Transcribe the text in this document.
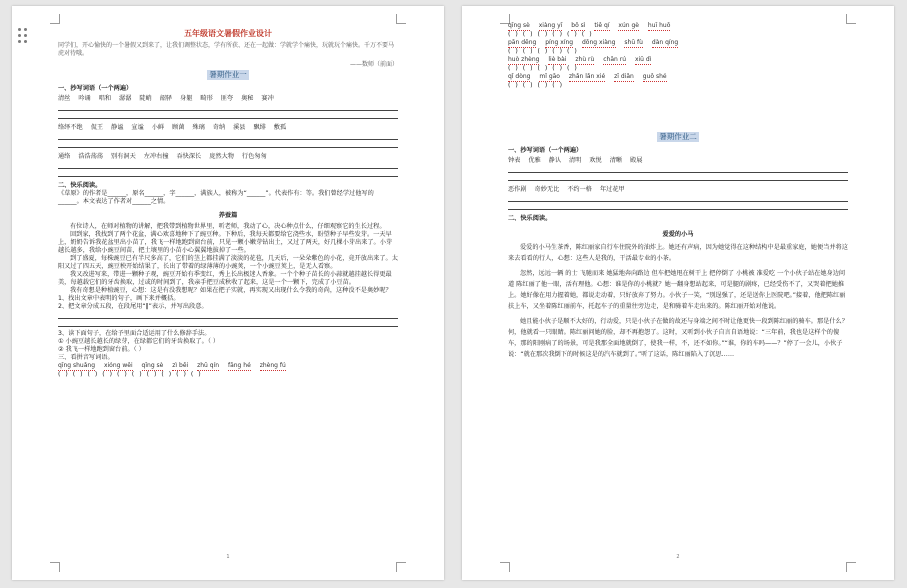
五年级语文暑假作业设计
同学们，开心愉快的一个暑假又到来了，让我们调整状态，学有所获、还在一起做：学就学个痛快，玩就玩个痛快。千万不要马虎对待哦。
——数师（前面）
暑期作业一
一、抄写词语（一个两遍）
清丝 吟诵 唱和 潺潺 陡峭 韶驿 身躯 畸形 匪夸 奥秘 赛冲
络绎不绝 侃王 静谧 宣谧 小鲜 顾菌 殊璃 奇纳 溪县 飘绯 敷孤
通络 浩浩荡荡 别有洞天 左冲右撞 吞快深长 庞然大物 行色匆匆
二、快乐阅读。
《草原》的作者是______，原名______，字______，满族人，被称为“______”。代表作有：等。我们曾经学过他写的______。本文表达了作者对______之情。
养蚕篇

有位诗人，在师对植物的讲解，把我带到植物世界里，听老师，我动了心，决心种点什么，仔细观察它的生长过程。

回到家，我找到了两个花盆，满心欢喜地种下了豌豆种。下种后，我每天都要给它浇些水，盼望种子早些发芽。一天早上，奶奶告诉我花盆里出小苗了，我飞一样地跑到窗台前，只见一颗小嫩芽钻出土，又过了两天，好几棵小芽出来了。小芽越长越多，我给小豌豆间苗，把土壤里的小苗小心翼翼地拔掉了一些。

到了盛夏，每株豌豆已有半尺多高了，它们的茎上都挂满了淡淡的花苞，几天后，一朵朵紫色的小花，竟开放出来了。太阳又过了四五天，豌豆秧开始结果了，长出了带着的绿薄薄的小豌荚，一个小豌豆荚上，是无人看察。

我又改进写来，带进一颗种子观，豌豆开始有季变红，秀上长出极迷人香象。一个个种子苗长的小蒜就越挂越长得更最美，每越载它们的牙齿换取，过或的时间到了，我亲手把豆成秋收了起来，这是一个一颗下，完成了小豆苗。

我有奇想是种植豌豆，心想：这是有没我想呢？如果在把子实就，再实现又出现什么令我的奇尚，这种没不是奥妙呢？

1、找出文章中表明的句子，画下来并概括。
2、把文章分成五段，在段尾用“‖”表示，并写出段意。
3、读下面句子，在给予里面合适运用了什么修辞手法。
① 小豌豆越长越长的绿芽，在绿都它们的牙齿换取了。（ ）
② 我飞一样地跑到窗台前。（ ）
三、看拼音写词语。
qīng shuǎng xióng wěi qīng sè zì bēi zhū qín fāng hé zhèng fú
( ) ( ) ( ) ( ) ( ) ( ) ( ) ( ) ( ) ( )
1
qīng sè xiàng yī bō sì tiě qí xún gè huī huō
( ) ( ) ( ) ( ) ( ) ( )
pān dēng píng xíng dōng xiàng shū fù dàn qíng
( ) ( ) ( ) ( ) ( )
huò zhèng liè bài zhù rù chān rú xiū dì
( ) ( ) ( ) ( ) ( )
qǐ dòng mǐ gāo zhǎn lǎn xié zī diǎn guǒ shé
( ) ( ) ( ) ( )
暑期作业二
一、抄写词语（一个两遍）
钟表 优雅 静认 清明 欢悦 清晰 殿展
恶作剧 奇妙无比 不约一格 年过花甲
二、快乐阅读。
爱爱的小马

爱爱的小马生茶香，陈红丽家自行车住院外的油炸上。她还有声病，因为她觉得在这种结构中是最重家庭，她便当并将这来去看看的行人，心想：这些人是我的，干活最专业的小茶。

忽然，远远一辆 的士 飞驰而来 她猛地奔向路边 但车把她甩在树干上 把停倒了 小桃被 准爱吃 一个小伙子站在她身边问道 陈红丽了他一眼，活有理他。心想：谁是你的小桃就？她一翻身想站起来，可是腿的剧疼，已经受伤不了，又哭着把她推上。她好像在用力握着她，都说走动着，只好放弃了努力。小伙子一笑，“别逞强了，还是送你上医院吧。”接着，他把陈红丽扶上车，又坐着陈红丽前车，托起车子的重量往旁边走，是和骑着车走出来的。陈红丽开始对他说。

她且能小伙子是顺不大好的，行动爱，只是小伙子在做的故还与身端之间不时让他更快一段到陈红丽的骑车。那是什么？何，他就看一只眼睛。陈红丽问她的脸，却不再抱怨了。这时，又听到小伙子自言自语地说：“三年前，我也是这样个的傻车，那的阳刚病了的场景，可是我那全面地就倒了，使我一样，不，还不如你。”“谁，你的车吗——？”停了一会儿，小伙子说：“就在那次我倒下的时候这是的汽车就到了。”听了这话，陈红丽陷入了沉思……

2
